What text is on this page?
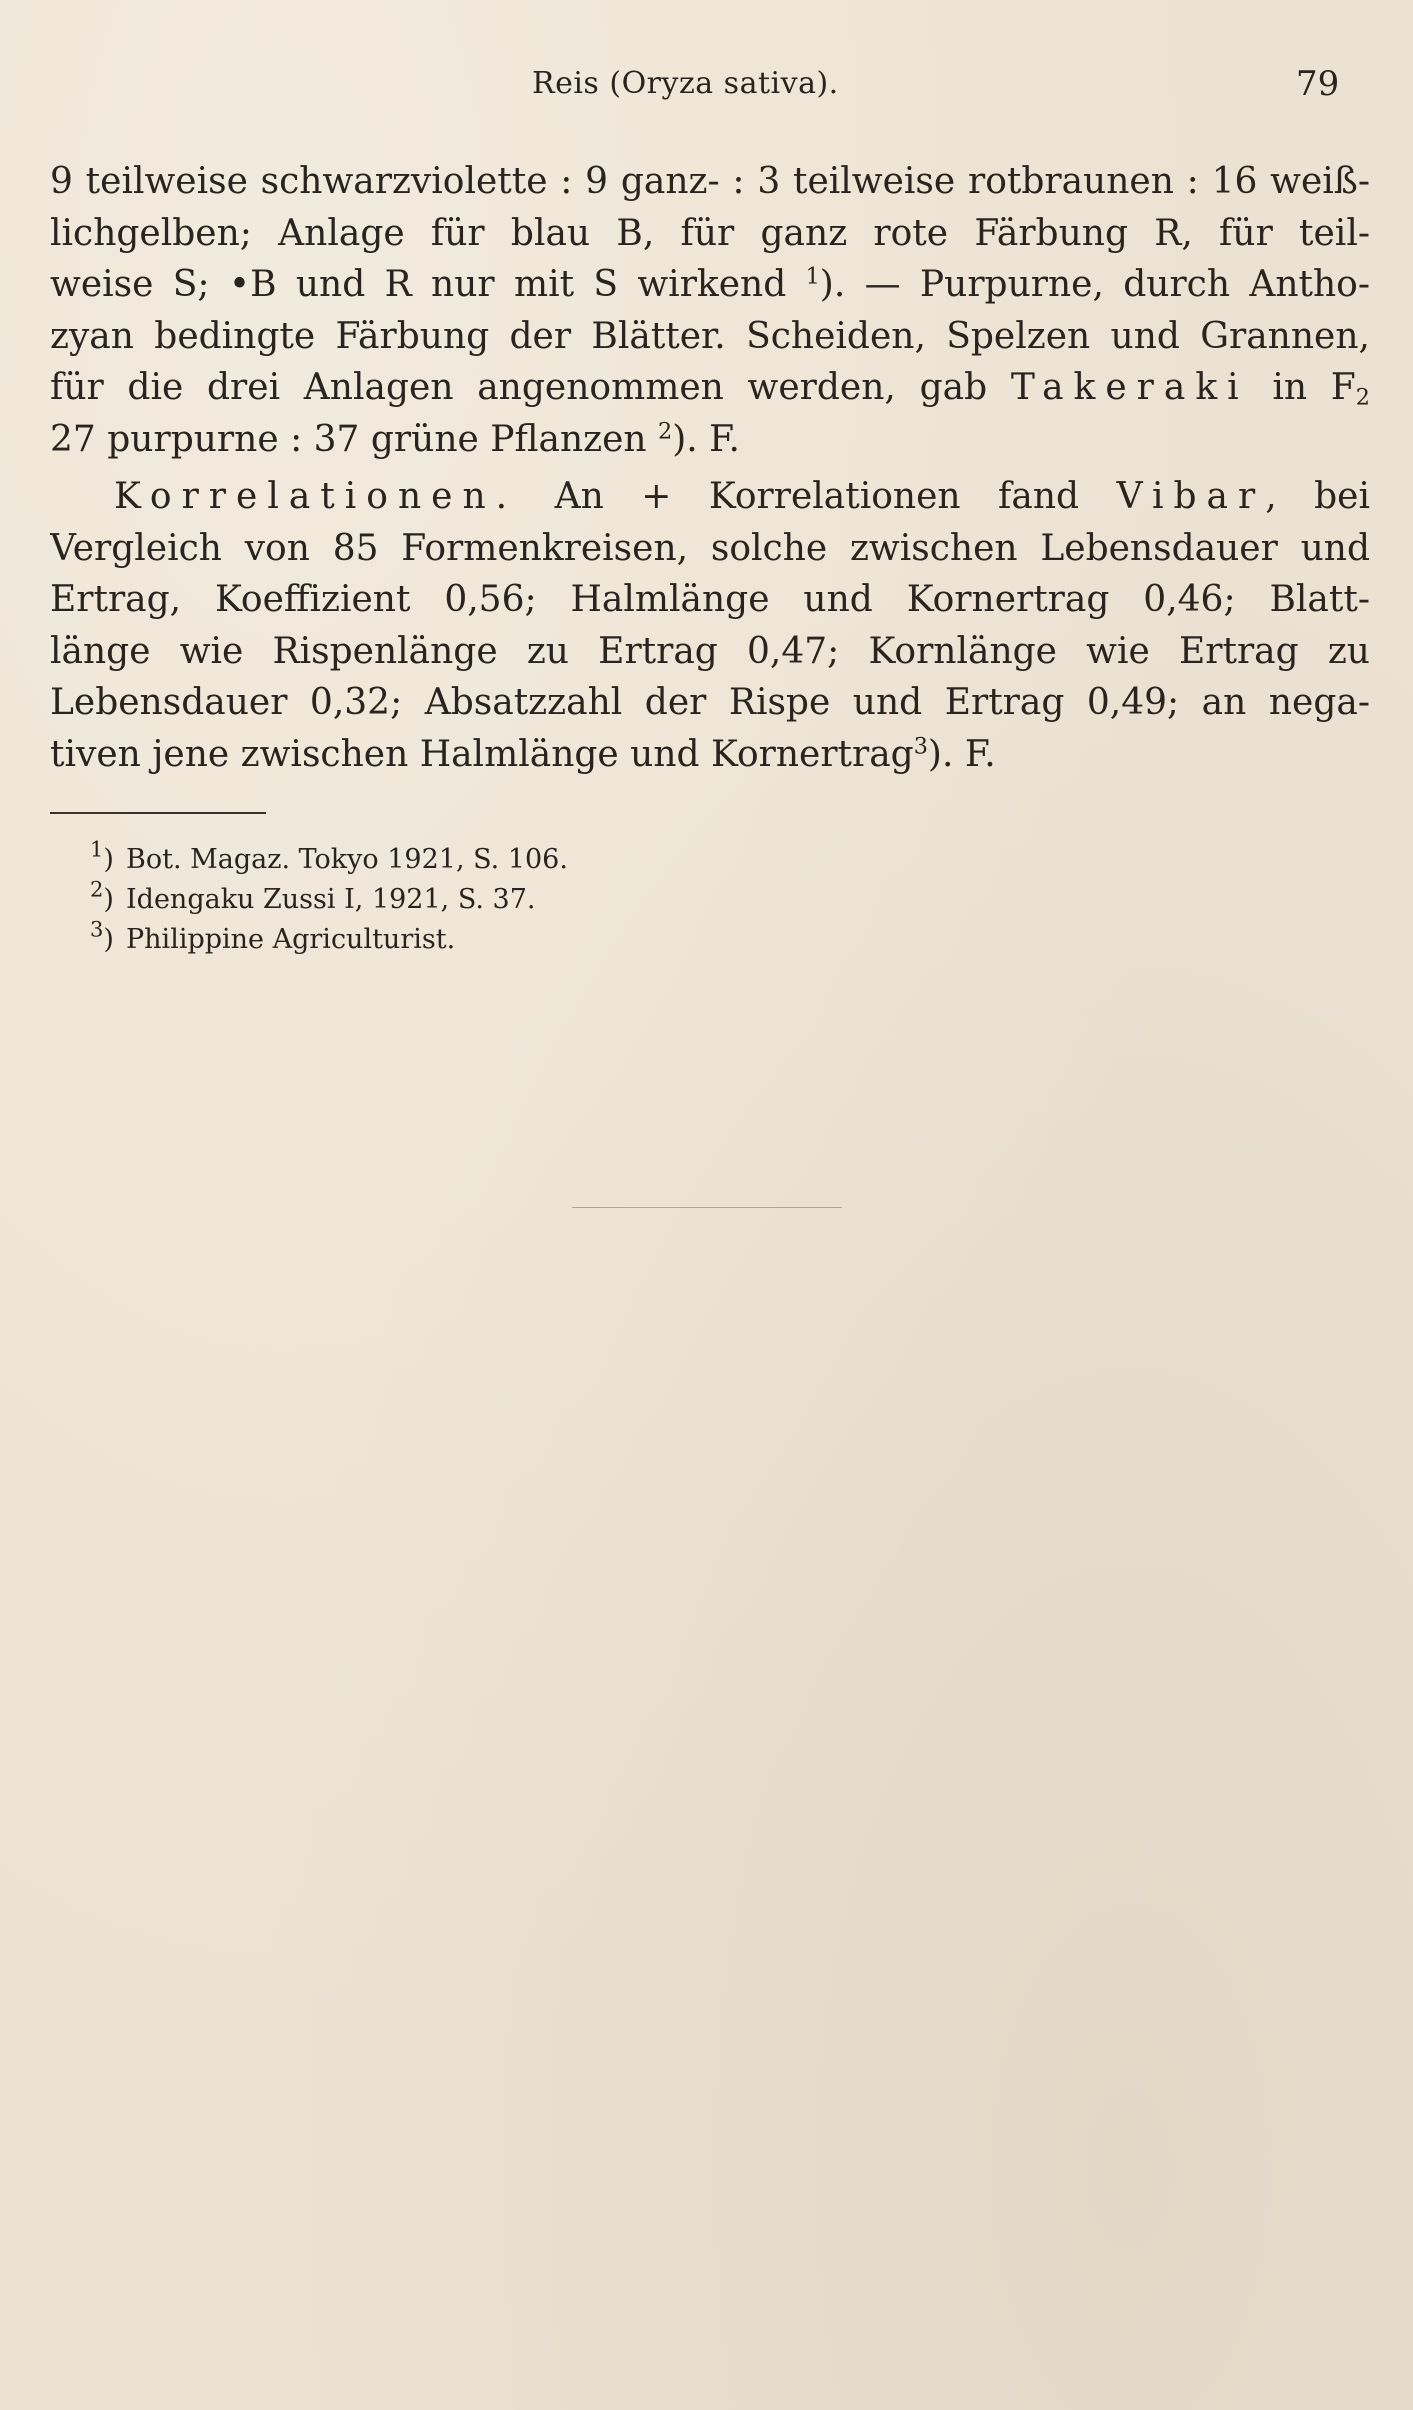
Reis (Oryza sativa).	79
9 teilweise schwarzviolette : 9 ganz- : 3 teilweise rotbraunen : 16 weiß-
lichgelben; Anlage für blau B, für ganz rote Färbung R, für teil-
weise S; •B und R nur mit S wirkend $^1$). — Purpurne, durch Antho-
zyan bedingte Färbung der Blätter. Scheiden, Spelzen und Grannen,
für die drei Anlagen angenommen werden, gab Takeraki in $F_2$
27 purpurne : 37 grüne Pflanzen $^2$). F.
Korrelationen. An + Korrelationen fand Vibar, bei
Vergleich von 85 Formenkreisen, solche zwischen Lebensdauer und
Ertrag, Koeffizient 0,56; Halmlänge und Kornertrag 0,46; Blatt-
länge wie Rispenlänge zu Ertrag 0,47; Kornlänge wie Ertrag zu
Lebensdauer 0,32; Absatzzahl der Rispe und Ertrag 0,49; an nega-
tiven jene zwischen Halmlänge und Kornertrag$^3$). F.
$^1$) Bot. Magaz. Tokyo 1921, S. 106.
$^2$) Idengaku Zussi I, 1921, S. 37.
$^3$) Philippine Agriculturist.
